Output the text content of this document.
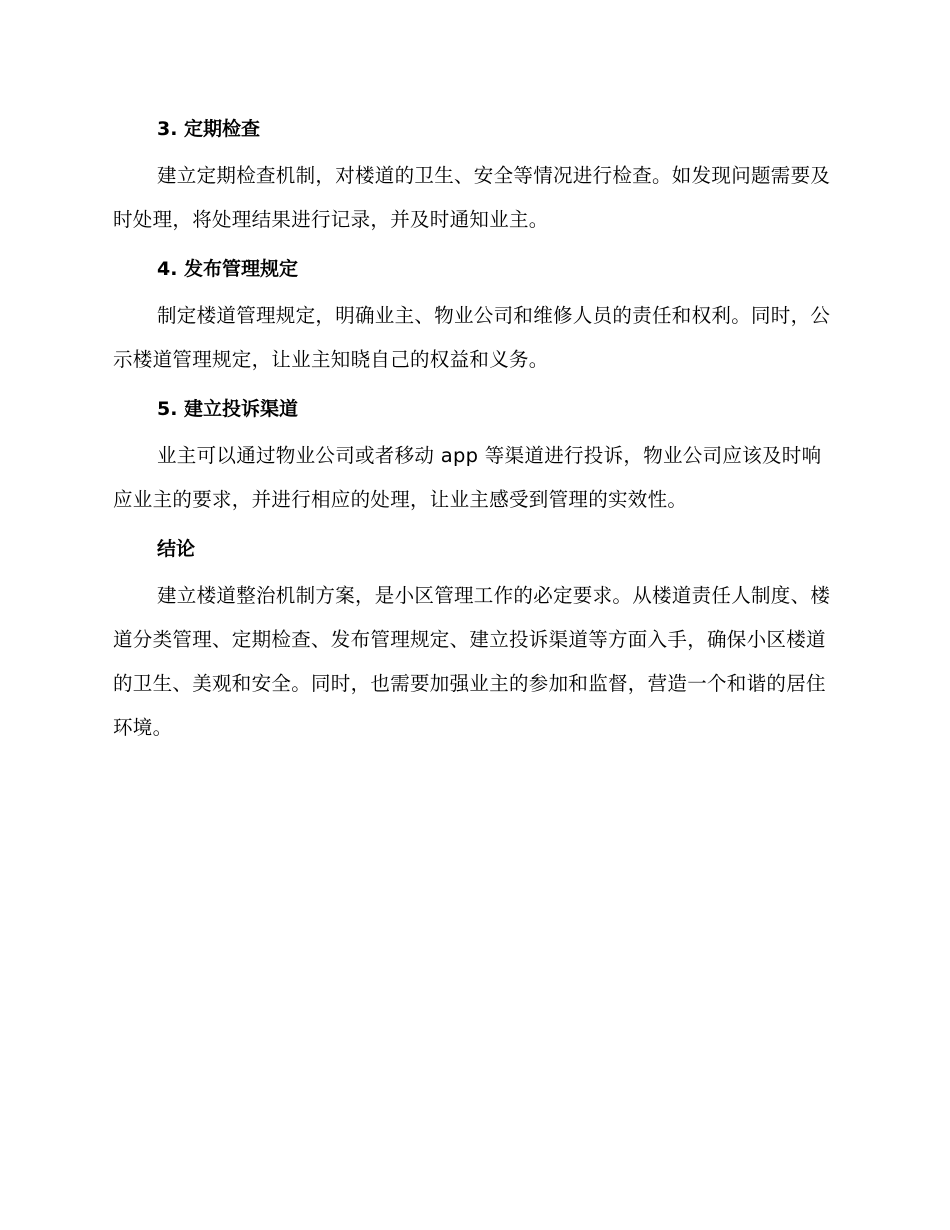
3. 定期检查

建立定期检查机制，对楼道的卫生、安全等情况进行检查。如发现问题需要及时处理，将处理结果进行记录，并及时通知业主。

4. 发布管理规定

制定楼道管理规定，明确业主、物业公司和维修人员的责任和权利。同时，公示楼道管理规定，让业主知晓自己的权益和义务。

5. 建立投诉渠道

业主可以通过物业公司或者移动 app 等渠道进行投诉，物业公司应该及时响应业主的要求，并进行相应的处理，让业主感受到管理的实效性。

结论

建立楼道整治机制方案，是小区管理工作的必定要求。从楼道责任人制度、楼道分类管理、定期检查、发布管理规定、建立投诉渠道等方面入手，确保小区楼道的卫生、美观和安全。同时，也需要加强业主的参加和监督，营造一个和谐的居住环境。
